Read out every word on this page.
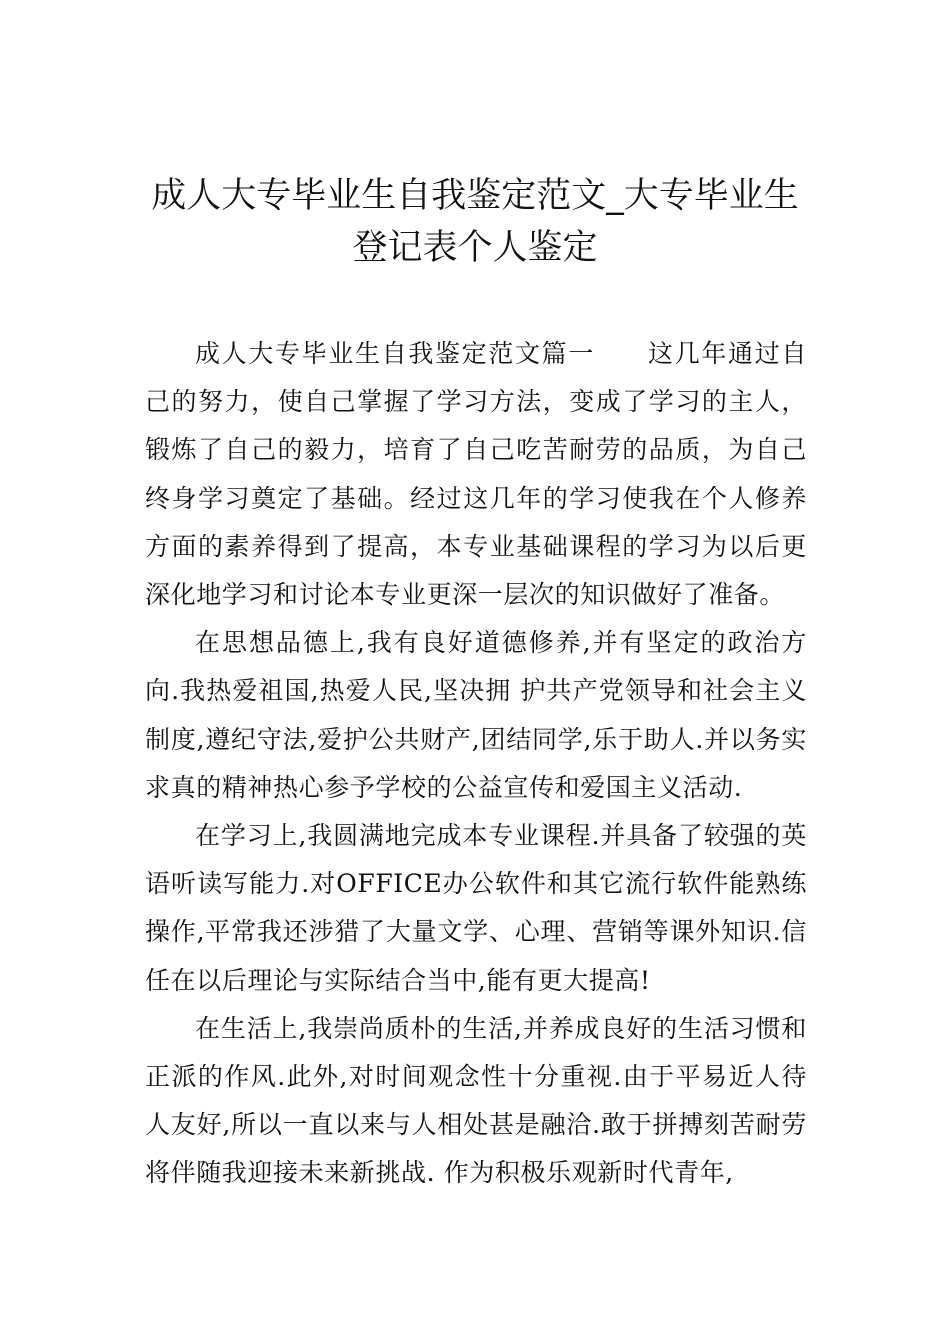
成人大专毕业生自我鉴定范文_大专毕业生
登记表个人鉴定

成人大专毕业生自我鉴定范文篇一 这几年通过自己的努力，使自己掌握了学习方法，变成了学习的主人，锻炼了自己的毅力，培育了自己吃苦耐劳的品质，为自己终身学习奠定了基础。经过这几年的学习使我在个人修养方面的素养得到了提高，本专业基础课程的学习为以后更深化地学习和讨论本专业更深一层次的知识做好了准备。

在思想品德上,我有良好道德修养,并有坚定的政治方向.我热爱祖国,热爱人民,坚决拥 护共产党领导和社会主义制度,遵纪守法,爱护公共财产,团结同学,乐于助人.并以务实求真的精神热心参予学校的公益宣传和爱国主义活动.

在学习上,我圆满地完成本专业课程.并具备了较强的英语听读写能力.对OFFICE办公软件和其它流行软件能熟练操作,平常我还涉猎了大量文学、心理、营销等课外知识.信任在以后理论与实际结合当中,能有更大提高!

在生活上,我崇尚质朴的生活,并养成良好的生活习惯和正派的作风.此外,对时间观念性十分重视.由于平易近人待人友好,所以一直以来与人相处甚是融洽.敢于拼搏刻苦耐劳将伴随我迎接未来新挑战. 作为积极乐观新时代青年,
